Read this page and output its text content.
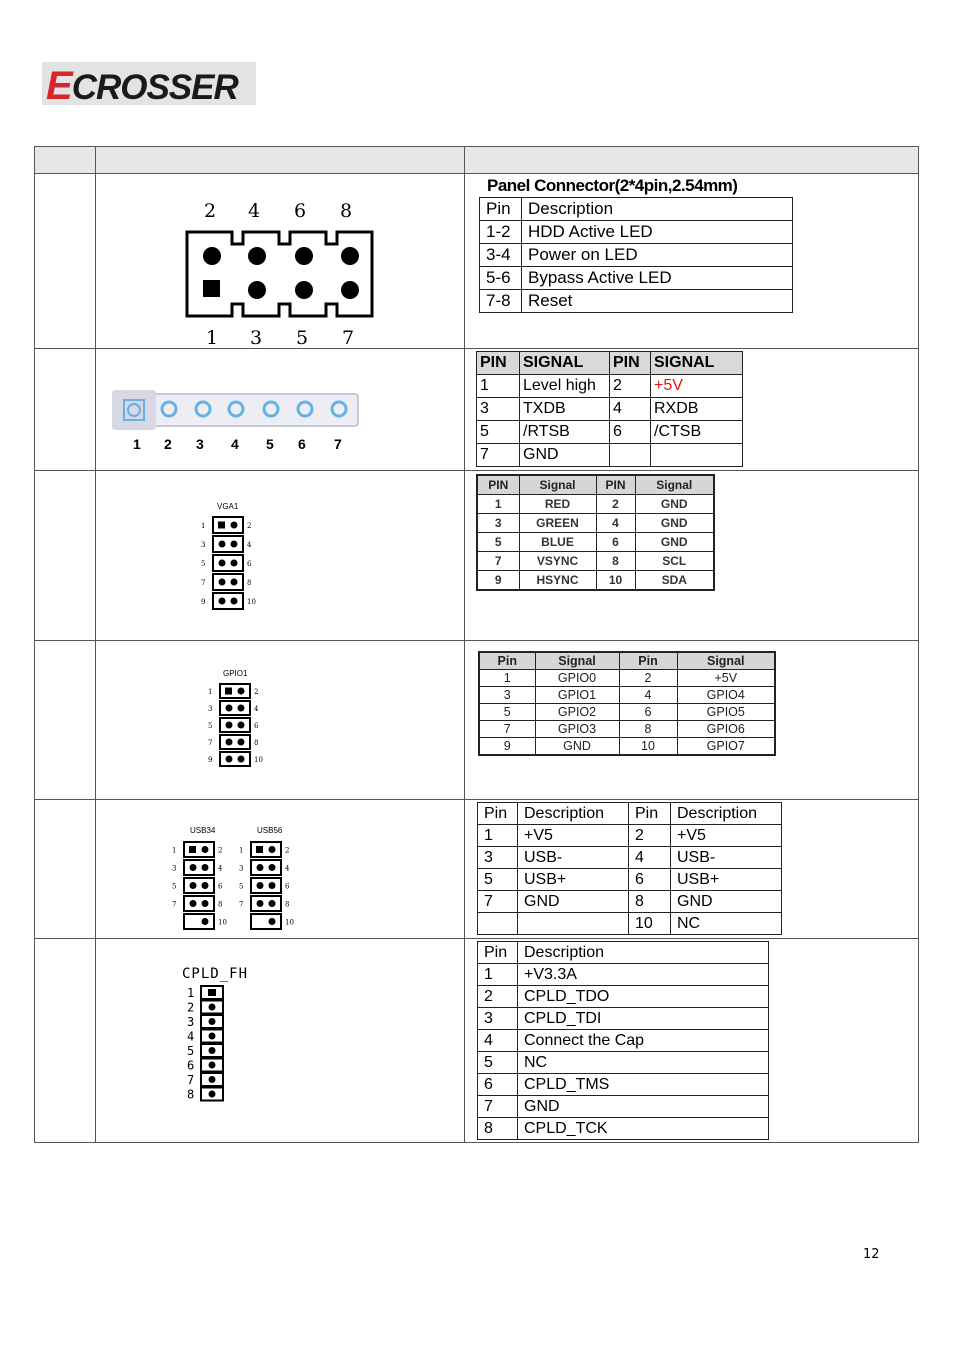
ECROSSER
2 4 6 8
1 3 5 7
Panel Connector(2*4pin,2.54mm)
Pin	Description
1-2	HDD Active LED
3-4	Power on LED
5-6	Bypass Active LED
7-8	Reset
1 2 3 4 5 6 7
PIN	SIGNAL	PIN	SIGNAL
1	Level high	2	+5V
3	TXDB	4	RXDB
5	/RTSB	6	/CTSB
7	GND		
VGA1
1	2
3	4
5	6
7	8
9	10
PIN	Signal	PIN	Signal
1	RED	2	GND
3	GREEN	4	GND
5	BLUE	6	GND
7	VSYNC	8	SCL
9	HSYNC	10	SDA
GPIO1
1	2
3	4
5	6
7	8
9	10
Pin	Signal	Pin	Signal
1	GPIO0	2	+5V
3	GPIO1	4	GPIO4
5	GPIO2	6	GPIO5
7	GPIO3	8	GPIO6
9	GND	10	GPIO7
USB34	USB56
1	2
3	4
5	6
7	8
10
1	2
3	4
5	6
7	8
10
Pin	Description	Pin	Description
1	+V5	2	+V5
3	USB-	4	USB-
5	USB+	6	USB+
7	GND	8	GND
		10	NC
CPLD_FH
1
2
3
4
5
6
7
8
Pin	Description
1	+V3.3A
2	CPLD_TDO
3	CPLD_TDI
4	Connect the Cap
5	NC
6	CPLD_TMS
7	GND
8	CPLD_TCK
12
